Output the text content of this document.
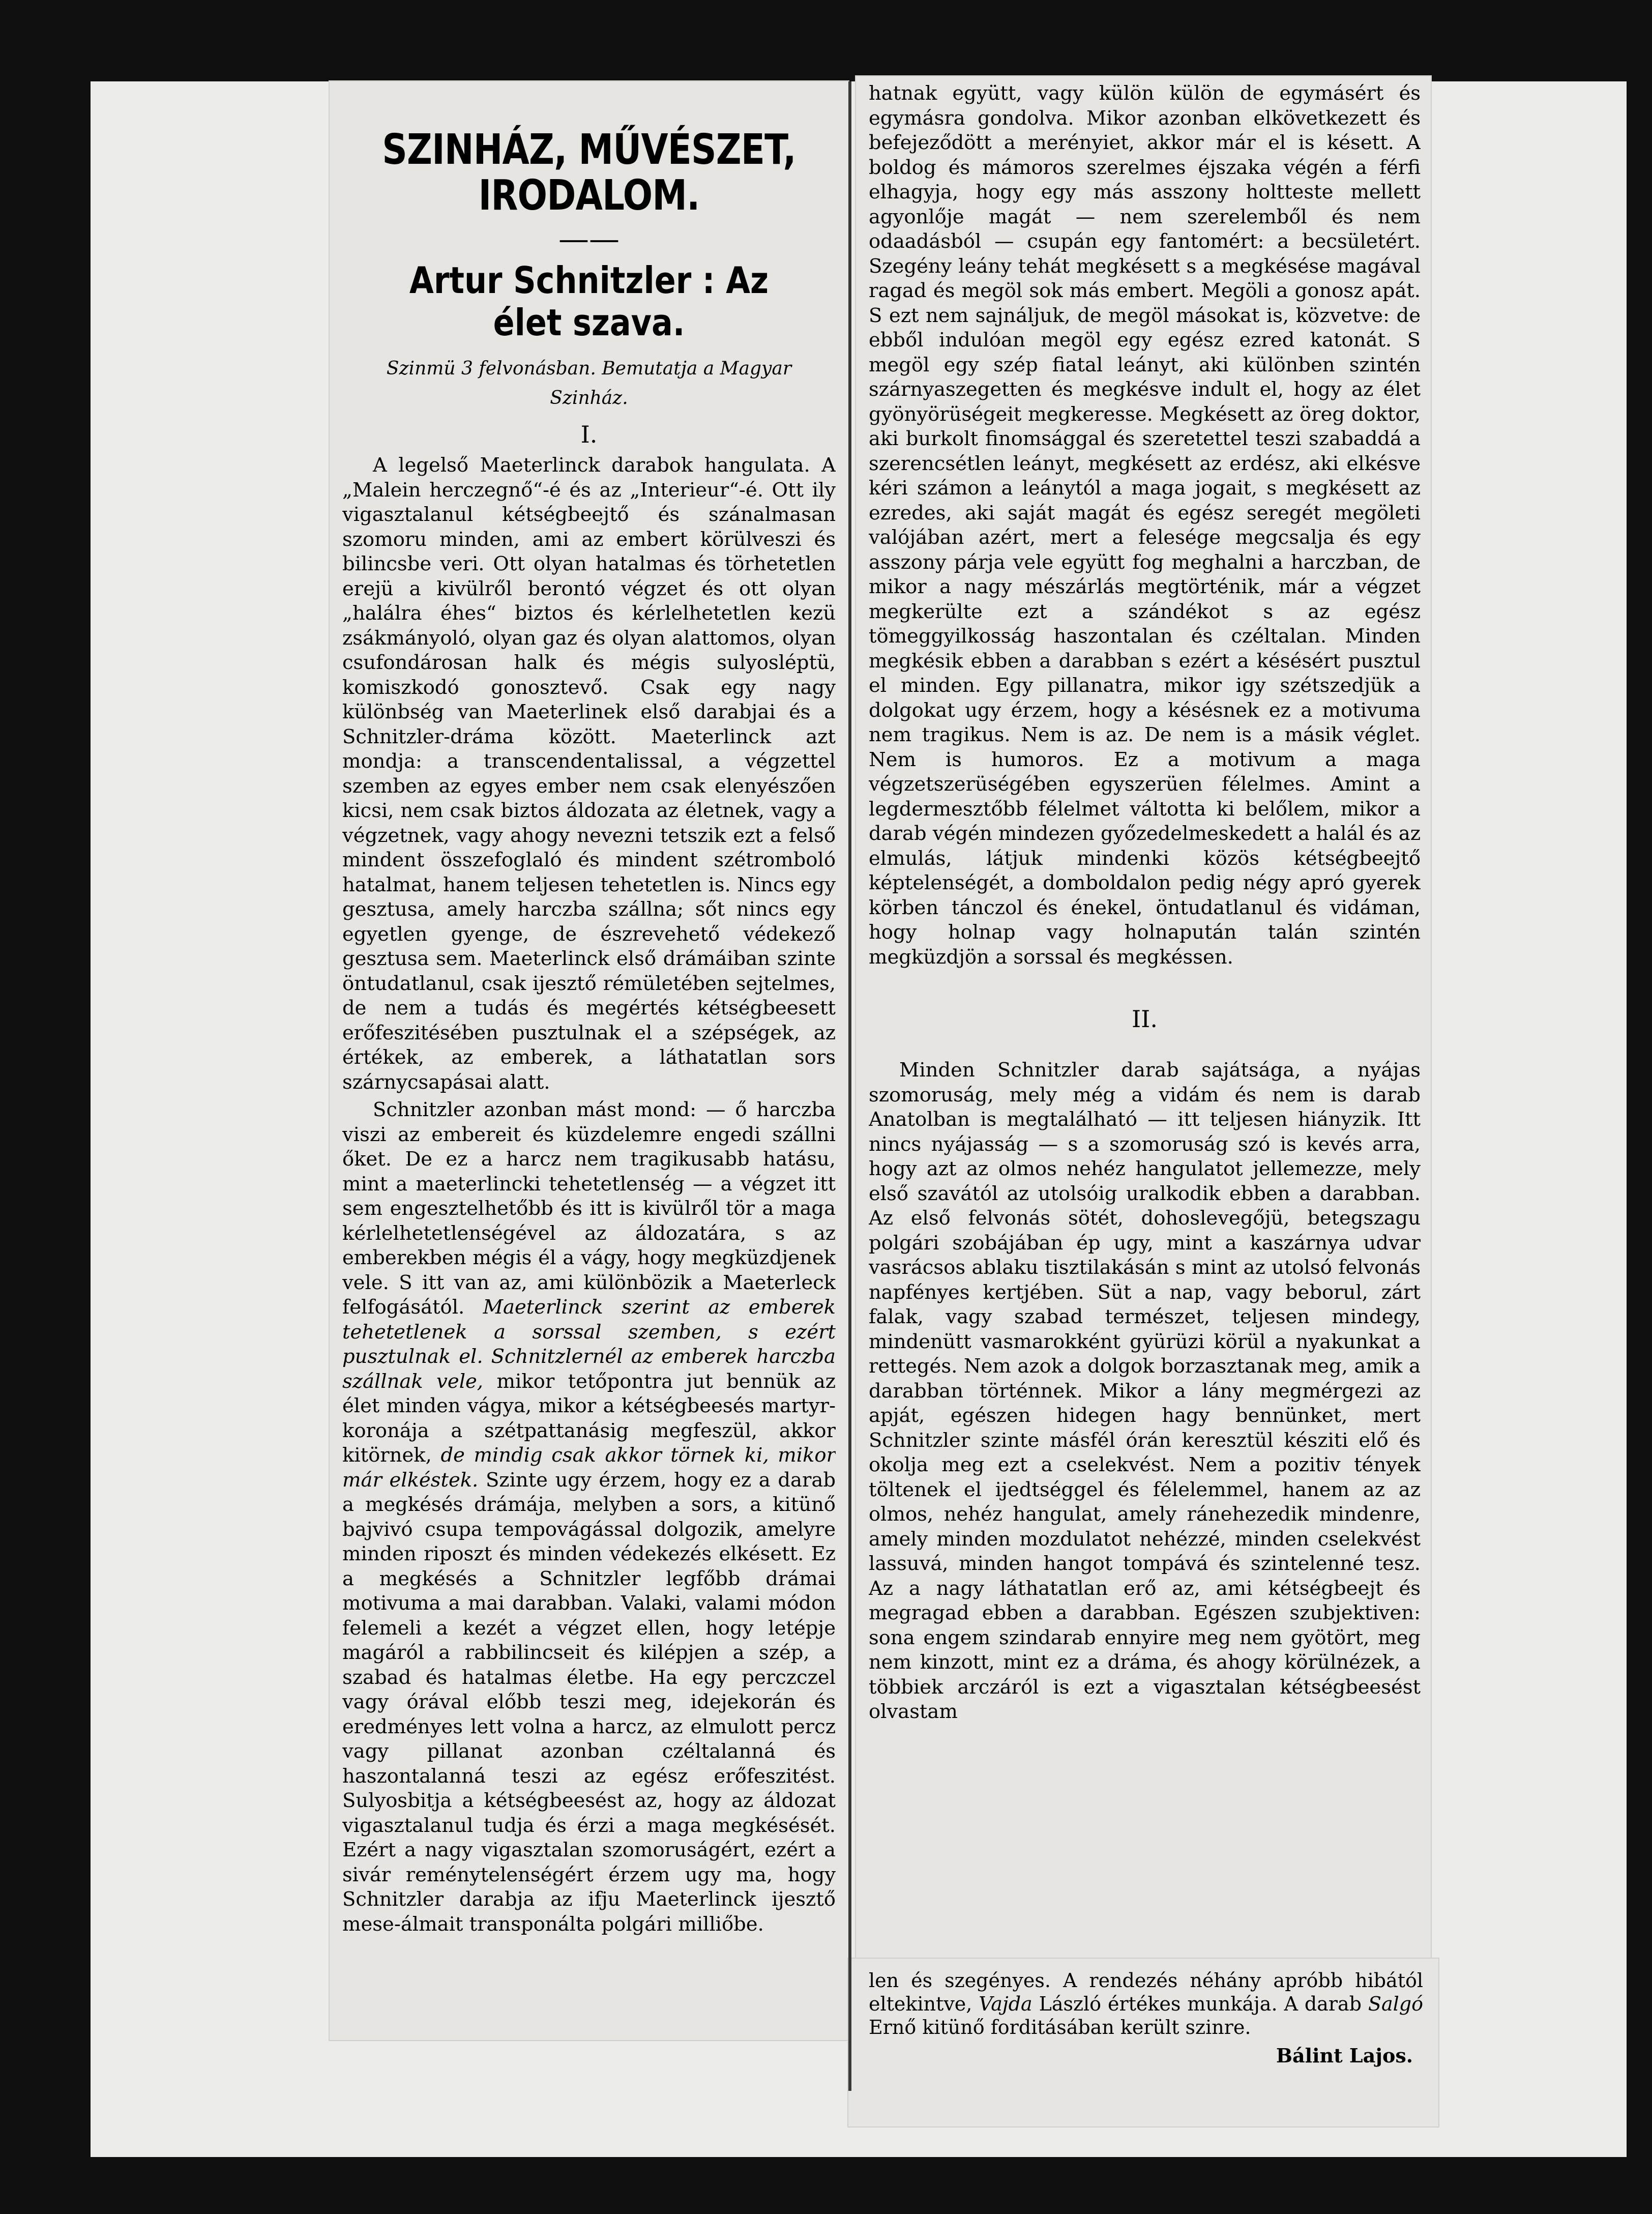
SZINHÁZ, MŰVÉSZET, IRODALOM.
——
Artur Schnitzler : Az élet szava.

Szinmü 3 felvonásban. Bemutatja a Magyar Szinház.

I.

A legelső Maeterlinck darabok hangulata. A „Malein herczegnő“-é és az „Interieur“-é. Ott ily vigasztalanul kétségbeejtő és szánalmasan szomoru minden, ami az embert körülveszi és bilincsbe veri. Ott olyan hatalmas és törhetetlen erejü a kivülről berontó végzet és ott olyan „halálra éhes“ biztos és kérlelhetetlen kezü zsákmányoló, olyan gaz és olyan alattomos, olyan csufondárosan halk és mégis sulyosléptü, komiszkodó gonosztevő. Csak egy nagy különbség van Maeterlinek első darabjai és a Schnitzler-dráma között. Maeterlinck azt mondja: a transcendentalissal, a végzettel szemben az egyes ember nem csak elenyészően kicsi, nem csak biztos áldozata az életnek, vagy a végzetnek, vagy ahogy nevezni tetszik ezt a felső mindent összefoglaló és mindent szétromboló hatalmat, hanem teljesen tehetetlen is. Nincs egy gesztusa, amely harczba szállna; sőt nincs egy egyetlen gyenge, de észrevehető védekező gesztusa sem. Maeterlinck első drámáiban szinte öntudatlanul, csak ijesztő rémületében sejtelmes, de nem a tudás és megértés kétségbeesett erőfeszitésében pusztulnak el a szépségek, az értékek, az emberek, a láthatatlan sors szárnycsapásai alatt.

Schnitzler azonban mást mond: — ő harczba viszi az embereit és küzdelemre engedi szállni őket. De ez a harcz nem tragikusabb hatásu, mint a maeterlincki tehetetlenség — a végzet itt sem engesztelhetőbb és itt is kivülről tör a maga kérlelhetetlenségével az áldozatára, s az emberekben mégis él a vágy, hogy megküzdjenek vele. S itt van az, ami különbözik a Maeterleck felfogásától. Maeterlinck szerint az emberek tehetetlenek a sorssal szemben, s ezért pusztulnak el. Schnitzlernél az emberek harczba szállnak vele, mikor tetőpontra jut bennük az élet minden vágya, mikor a kétségbeesés martyr-koronája a szétpattanásig megfeszül, akkor kitörnek, de mindig csak akkor törnek ki, mikor már elkéstek. Szinte ugy érzem, hogy ez a darab a megkésés drámája, melyben a sors, a kitünő bajvivó csupa tempovágással dolgozik, amelyre minden riposzt és minden védekezés elkésett. Ez a megkésés a Schnitzler legfőbb drámai motivuma a mai darabban. Valaki, valami módon felemeli a kezét a végzet ellen, hogy letépje magáról a rabbilincseit és kilépjen a szép, a szabad és hatalmas életbe. Ha egy perczczel vagy órával előbb teszi meg, idejekorán és eredményes lett volna a harcz, az elmulott percz vagy pillanat azonban czéltalanná és haszontalanná teszi az egész erőfeszitést. Sulyosbitja a kétségbeesést az, hogy az áldozat vigasztalanul tudja és érzi a maga megkésését. Ezért a nagy vigasztalan szomoruságért, ezért a sivár reménytelenségért érzem ugy ma, hogy Schnitzler darabja az ifju Maeterlinck ijesztő mese-álmait transponálta polgári milliőbe.

hatnak együtt, vagy külön külön de egymásért és egymásra gondolva. Mikor azonban elkövetkezett és befejeződött a merényiet, akkor már el is késett. A boldog és mámoros szerelmes éjszaka végén a férfi elhagyja, hogy egy más asszony holtteste mellett agyonlője magát — nem szerelemből és nem odaadásból — csupán egy fantomért: a becsületért. Szegény leány tehát megkésett s a megkésése magával ragad és megöl sok más embert. Megöli a gonosz apát. S ezt nem sajnáljuk, de megöl másokat is, közvetve: de ebből indulóan megöl egy egész ezred katonát. S megöl egy szép fiatal leányt, aki különben szintén szárnyaszegetten és megkésve indult el, hogy az élet gyönyörüségeit megkeresse. Megkésett az öreg doktor, aki burkolt finomsággal és szeretettel teszi szabaddá a szerencsétlen leányt, megkésett az erdész, aki elkésve kéri számon a leánytól a maga jogait, s megkésett az ezredes, aki saját magát és egész seregét megöleti valójában azért, mert a felesége megcsalja és egy asszony párja vele együtt fog meghalni a harczban, de mikor a nagy mészárlás megtörténik, már a végzet megkerülte ezt a szándékot s az egész tömeggyilkosság haszontalan és czéltalan. Minden megkésik ebben a darabban s ezért a késésért pusztul el minden. Egy pillanatra, mikor igy szétszedjük a dolgokat ugy érzem, hogy a késésnek ez a motivuma nem tragikus. Nem is az. De nem is a másik véglet. Nem is humoros. Ez a motivum a maga végzetszerüségében egyszerüen félelmes. Amint a legdermesztőbb félelmet váltotta ki belőlem, mikor a darab végén mindezen győzedelmeskedett a halál és az elmulás, látjuk mindenki közös kétségbeejtő képtelenségét, a domboldalon pedig négy apró gyerek körben tánczol és énekel, öntudatlanul és vidáman, hogy holnap vagy holnapután talán szintén megküzdjön a sorssal és megkéssen.

II.

Minden Schnitzler darab sajátsága, a nyájas szomoruság, mely még a vidám és nem is darab Anatolban is megtalálható — itt teljesen hiányzik. Itt nincs nyájasság — s a szomoruság szó is kevés arra, hogy azt az olmos nehéz hangulatot jellemezze, mely első szavától az utolsóig uralkodik ebben a darabban. Az első felvonás sötét, dohoslevegőjü, betegszagu polgári szobájában ép ugy, mint a kaszárnya udvar vasrácsos ablaku tisztilakásán s mint az utolsó felvonás napfényes kertjében. Süt a nap, vagy beborul, zárt falak, vagy szabad természet, teljesen mindegy, mindenütt vasmarokként gyürüzi körül a nyakunkat a rettegés. Nem azok a dolgok borzasztanak meg, amik a darabban történnek. Mikor a lány megmérgezi az apját, egészen hidegen hagy bennünket, mert Schnitzler szinte másfél órán keresztül késziti elő és okolja meg ezt a cselekvést. Nem a pozitiv tények töltenek el ijedtséggel és félelemmel, hanem az az olmos, nehéz hangulat, amely ránehezedik mindenre, amely minden mozdulatot nehézzé, minden cselekvést lassuvá, minden hangot tompává és szintelenné tesz. Az a nagy láthatatlan erő az, ami kétségbeejt és megragad ebben a darabban. Egészen szubjektiven: sona engem szindarab ennyire meg nem gyötört, meg nem kinzott, mint ez a dráma, és ahogy körülnézek, a többiek arczáról is ezt a vigasztalan kétségbeesést olvastam

len és szegényes. A rendezés néhány apróbb hibától eltekintve, Vajda László értékes munkája. A darab Salgó Ernő kitünő forditásában került szinre.

Bálint Lajos.
